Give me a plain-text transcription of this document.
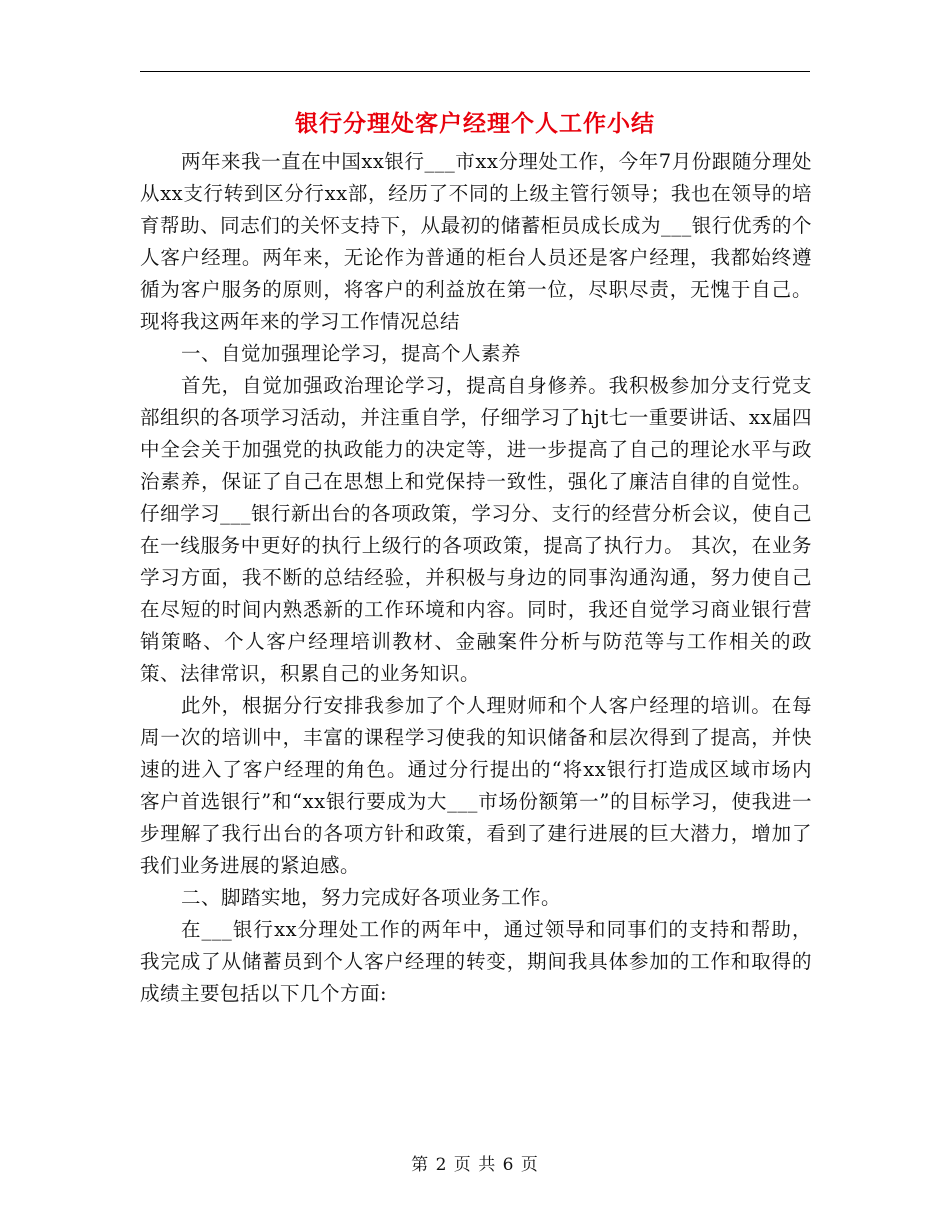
银行分理处客户经理个人工作小结

两年来我一直在中国xx银行___市xx分理处工作，今年7月份跟随分理处从xx支行转到区分行xx部，经历了不同的上级主管行领导；我也在领导的培育帮助、同志们的关怀支持下，从最初的储蓄柜员成长成为___银行优秀的个人客户经理。两年来，无论作为普通的柜台人员还是客户经理，我都始终遵循为客户服务的原则，将客户的利益放在第一位，尽职尽责，无愧于自己。现将我这两年来的学习工作情况总结

一、自觉加强理论学习，提高个人素养

首先，自觉加强政治理论学习，提高自身修养。我积极参加分支行党支部组织的各项学习活动，并注重自学，仔细学习了hjt七一重要讲话、xx届四中全会关于加强党的执政能力的决定等，进一步提高了自己的理论水平与政治素养，保证了自己在思想上和党保持一致性，强化了廉洁自律的自觉性。仔细学习___银行新出台的各项政策，学习分、支行的经营分析会议，使自己在一线服务中更好的执行上级行的各项政策，提高了执行力。 其次，在业务学习方面，我不断的总结经验，并积极与身边的同事沟通沟通，努力使自己在尽短的时间内熟悉新的工作环境和内容。同时，我还自觉学习商业银行营销策略、个人客户经理培训教材、金融案件分析与防范等与工作相关的政策、法律常识，积累自己的业务知识。

此外，根据分行安排我参加了个人理财师和个人客户经理的培训。在每周一次的培训中，丰富的课程学习使我的知识储备和层次得到了提高，并快速的进入了客户经理的角色。通过分行提出的“将xx银行打造成区域市场内客户首选银行”和“xx银行要成为大___市场份额第一”的目标学习，使我进一步理解了我行出台的各项方针和政策，看到了建行进展的巨大潜力，增加了我们业务进展的紧迫感。

二、脚踏实地，努力完成好各项业务工作。

在___银行xx分理处工作的两年中，通过领导和同事们的支持和帮助，我完成了从储蓄员到个人客户经理的转变，期间我具体参加的工作和取得的成绩主要包括以下几个方面:

第 2 页 共 6 页
